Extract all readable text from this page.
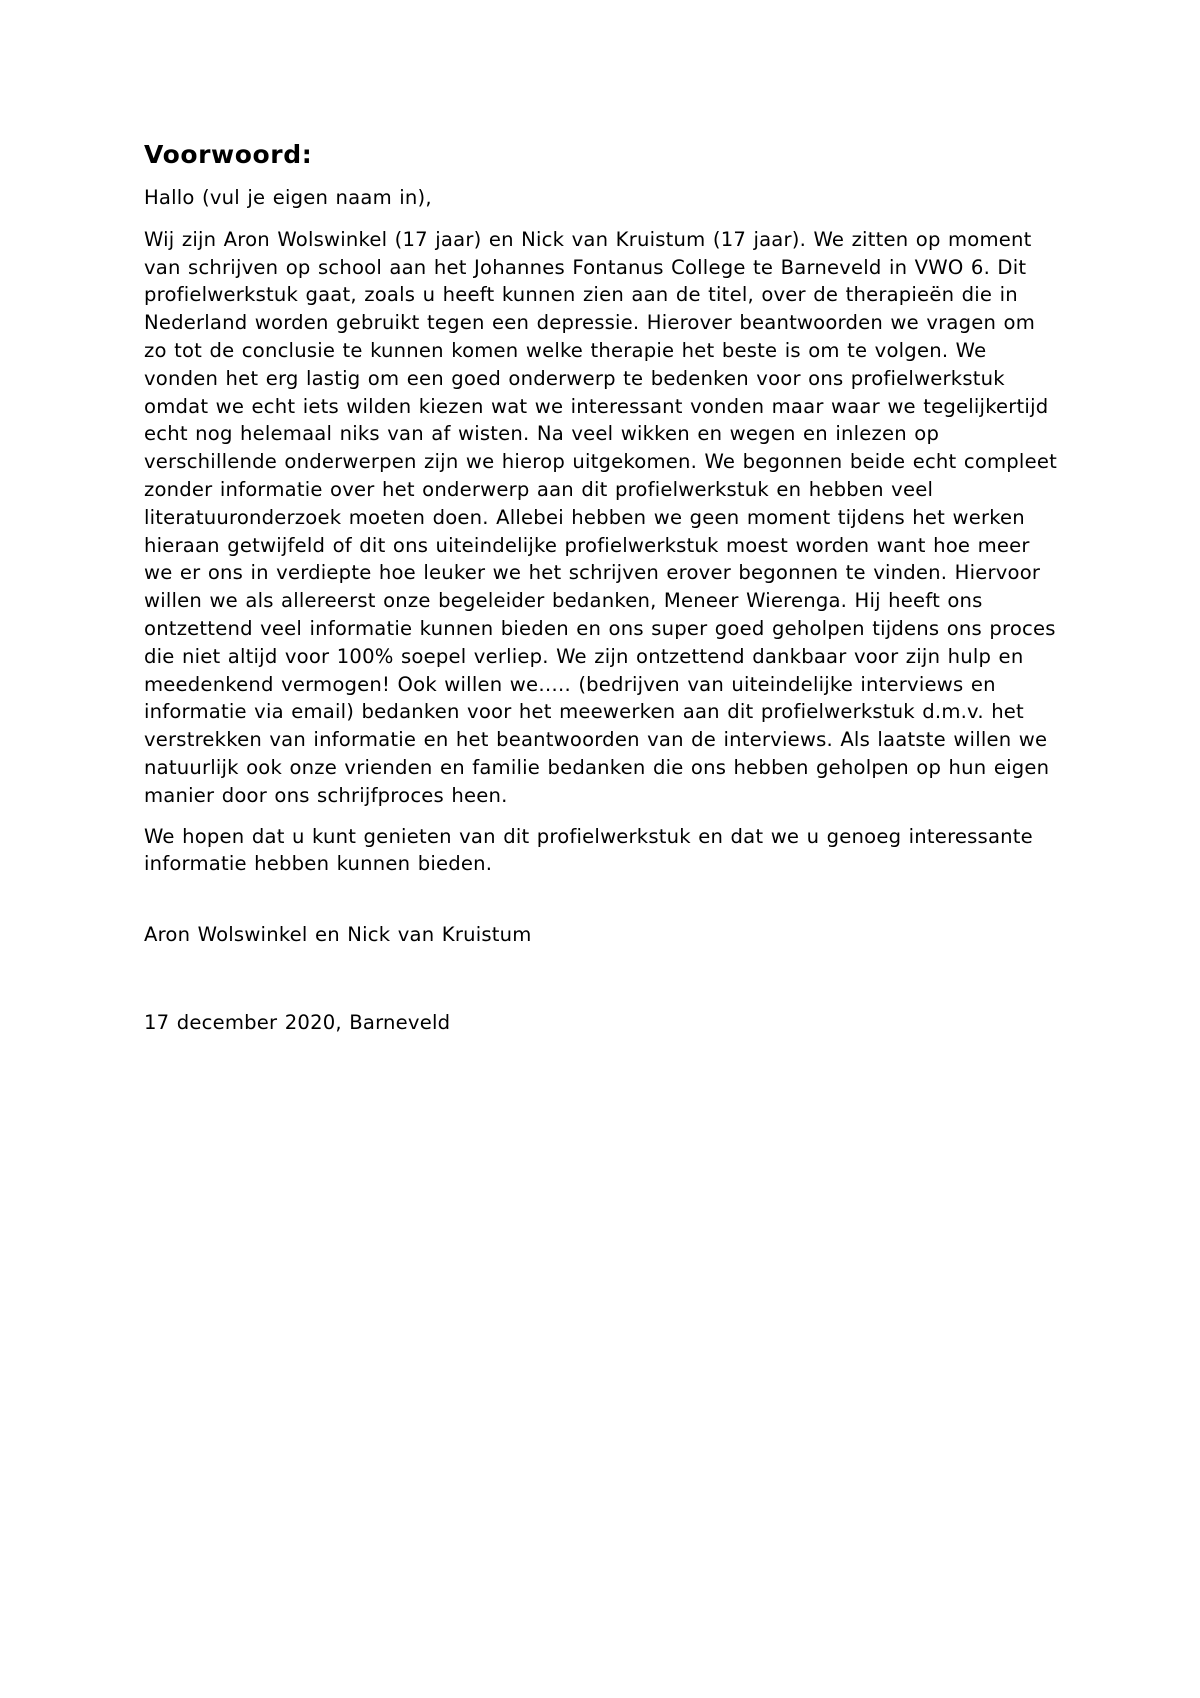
Voorwoord:

Hallo (vul je eigen naam in),

Wij zijn Aron Wolswinkel (17 jaar) en Nick van Kruistum (17 jaar). We zitten op moment van schrijven op school aan het Johannes Fontanus College te Barneveld in VWO 6. Dit profielwerkstuk gaat, zoals u heeft kunnen zien aan de titel, over de therapieën die in Nederland worden gebruikt tegen een depressie. Hierover beantwoorden we vragen om zo tot de conclusie te kunnen komen welke therapie het beste is om te volgen. We vonden het erg lastig om een goed onderwerp te bedenken voor ons profielwerkstuk omdat we echt iets wilden kiezen wat we interessant vonden maar waar we tegelijkertijd echt nog helemaal niks van af wisten. Na veel wikken en wegen en inlezen op verschillende onderwerpen zijn we hierop uitgekomen. We begonnen beide echt compleet zonder informatie over het onderwerp aan dit profielwerkstuk en hebben veel literatuuronderzoek moeten doen. Allebei hebben we geen moment tijdens het werken hieraan getwijfeld of dit ons uiteindelijke profielwerkstuk moest worden want hoe meer we er ons in verdiepte hoe leuker we het schrijven erover begonnen te vinden. Hiervoor willen we als allereerst onze begeleider bedanken, Meneer Wierenga. Hij heeft ons ontzettend veel informatie kunnen bieden en ons super goed geholpen tijdens ons proces die niet altijd voor 100% soepel verliep. We zijn ontzettend dankbaar voor zijn hulp en meedenkend vermogen! Ook willen we….. (bedrijven van uiteindelijke interviews en informatie via email) bedanken voor het meewerken aan dit profielwerkstuk d.m.v. het verstrekken van informatie en het beantwoorden van de interviews. Als laatste willen we natuurlijk ook onze vrienden en familie bedanken die ons hebben geholpen op hun eigen manier door ons schrijfproces heen.

We hopen dat u kunt genieten van dit profielwerkstuk en dat we u genoeg interessante informatie hebben kunnen bieden.

Aron Wolswinkel en Nick van Kruistum

17 december 2020, Barneveld
